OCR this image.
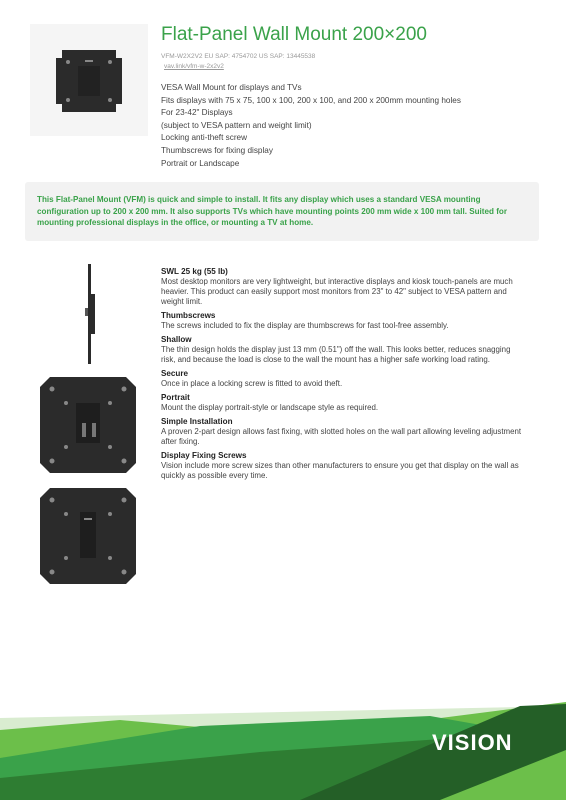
Flat-Panel Wall Mount 200×200
VFM-W2X2V2 EU SAP: 4754702 US SAP: 13445538
vav.link/vfm-w-2x2v2
VESA Wall Mount for displays and TVs
Fits displays with 75 x 75, 100 x 100, 200 x 100, and 200 x 200mm mounting holes
For 23-42" Displays
(subject to VESA pattern and weight limit)
Locking anti-theft screw
Thumbscrews for fixing display
Portrait or Landscape
This Flat-Panel Mount (VFM) is quick and simple to install. It fits any display which uses a standard VESA mounting configuration up to 200 x 200 mm. It also supports TVs which have mounting points 200 mm wide x 100 mm tall. Suited for mounting professional displays in the office, or mounting a TV at home.
SWL 25 kg (55 lb)

Most desktop monitors are very lightweight, but interactive displays and kiosk touch-panels are much heavier. This product can easily support most monitors from 23" to 42" subject to VESA pattern and weight limit.

Thumbscrews

The screws included to fix the display are thumbscrews for fast tool-free assembly.

Shallow

The thin design holds the display just 13 mm (0.51") off the wall. This looks better, reduces snagging risk, and because the load is close to the wall the mount has a higher safe working load rating.

Secure

Once in place a locking screw is fitted to avoid theft.

Portrait

Mount the display portrait-style or landscape style as required.

Simple Installation

A proven 2-part design allows fast fixing, with slotted holes on the wall part allowing leveling adjustment after fixing.

Display Fixing Screws

Vision include more screw sizes than other manufacturers to ensure you get that display on the wall as quickly as possible every time.

VISION
